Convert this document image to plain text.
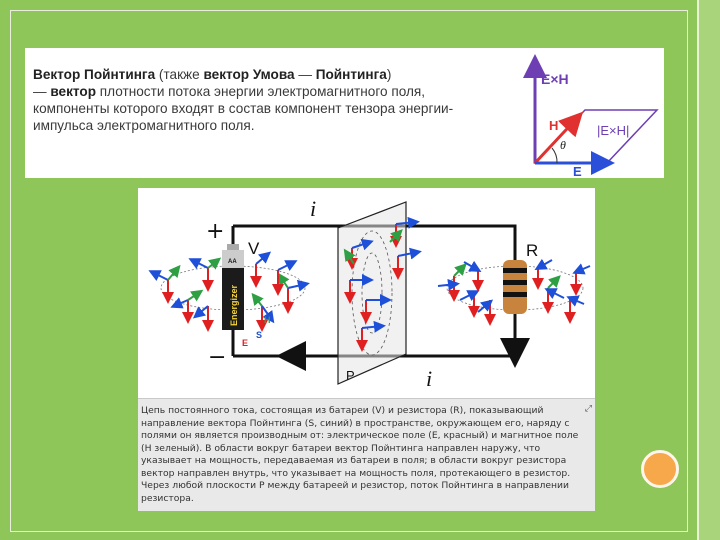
Вектор Пойнтинга (также вектор Умова — Пойнтинга)
— вектор плотности потока энергии электромагнитного поля, компоненты которого входят в состав компонент тензора энергии-импульса электромагнитного поля.

E×H
H
θ
|E×H|
E
Energizer
AA
+
−
V	R
P
i
i
H
S
E
⤢

Цепь постоянного тока, состоящая из батареи (V) и резистора (R), показывающий направление вектора Пойнтинга (S, синий) в пространстве, окружающем его, наряду с полями он является производным от: электрическое поле (E, красный) и магнитное поле (H зеленый). В области вокруг батареи вектор Пойнтинга направлен наружу, что указывает на мощность, передаваемая из батареи в поля; в области вокруг резистора вектор направлен внутрь, что указывает на мощность поля, протекающего в резистор. Через любой плоскости P между батареей и резистор, поток Пойнтинга в направлении резистора.
